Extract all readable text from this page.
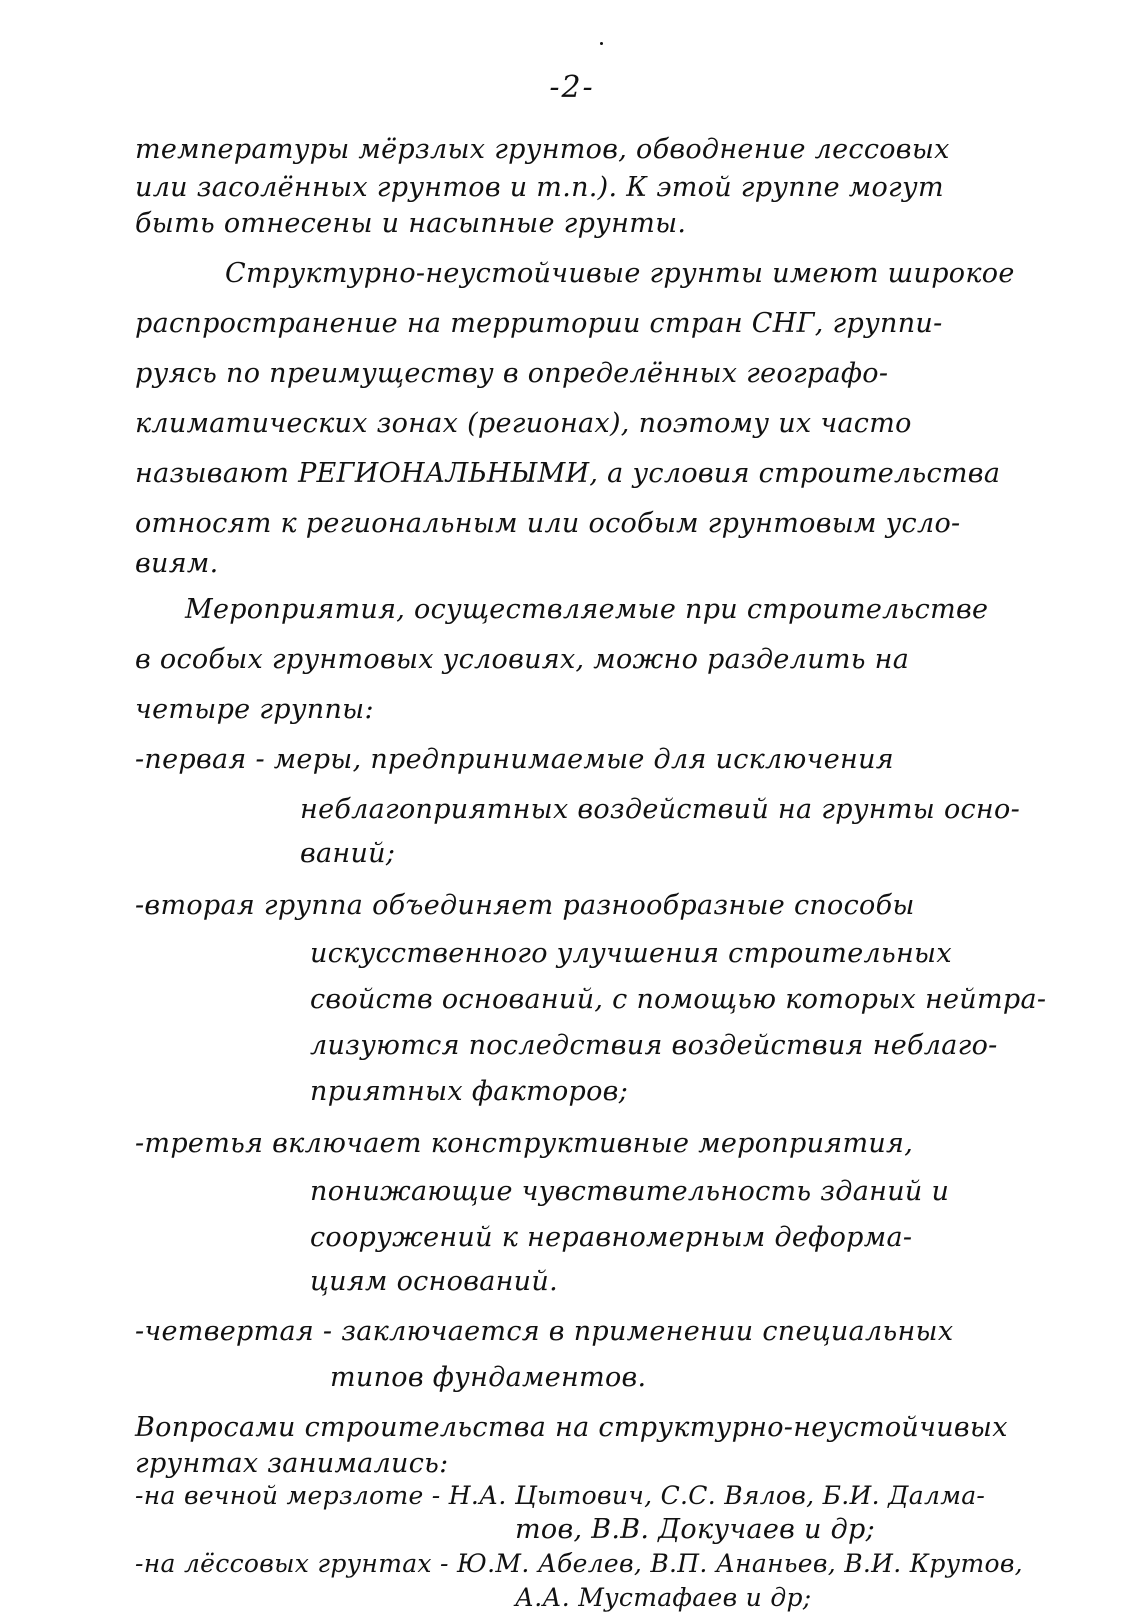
-2-
температуры мёрзлых грунтов, обводнение лессовых
или засолённых грунтов и т.п.). К этой группе могут
быть отнесены и насыпные грунты.
Структурно-неустойчивые грунты имеют широкое
распространение на территории стран СНГ, группи-
руясь по преимуществу в определённых географо-
климатических зонах (регионах), поэтому их часто
называют РЕГИОНАЛЬНЫМИ, а условия строительства
относят к региональным или особым грунтовым усло-
виям.
Мероприятия, осуществляемые при строительстве
в особых грунтовых условиях, можно разделить на
четыре группы:
-первая - меры, предпринимаемые для исключения
неблагоприятных воздействий на грунты осно-
ваний;
-вторая группа объединяет разнообразные способы
искусственного улучшения строительных
свойств оснований, с помощью которых нейтра-
лизуются последствия воздействия неблаго-
приятных факторов;
-третья включает конструктивные мероприятия,
понижающие чувствительность зданий и
сооружений к неравномерным деформа-
циям оснований.
-четвертая - заключается в применении специальных
типов фундаментов.
Вопросами строительства на структурно-неустойчивых
грунтах занимались:
-на вечной мерзлоте - Н.А. Цытович, С.С. Вялов, Б.И. Далма-
тов, В.В. Докучаев и др;
-на лёссовых грунтах - Ю.М. Абелев, В.П. Ананьев, В.И. Крутов,
А.А. Мустафаев и др;
